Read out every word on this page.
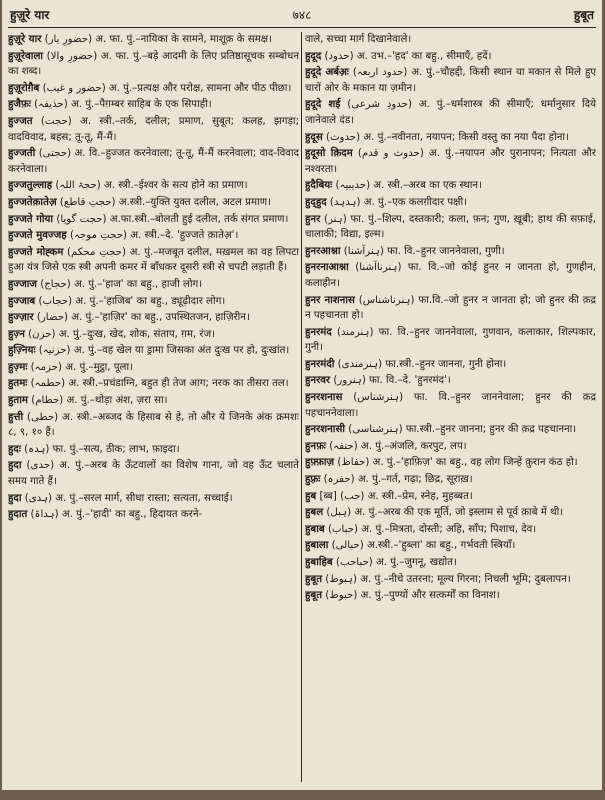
हुज़ूरे यार	७४८	हुबूत
हुज़ूरे यार (حضورِ یار) अ. फा. पुं.–नायिका के सामने, माशूक़ के समक्ष।
हुज़ूरेवाला (حضورِ والا) अ. फा. पुं.–बड़े आदमी के लिए प्रतिष्ठासूचक सम्बोधन का शब्द।
हुज़ूरोग़ैब (حضور و غیب) अ. पुं.–प्रत्यक्ष और परोक्ष, सामना और पीठ पीछा।
हुजैफ़ः (حذیفہ) अ. पुं.–पैग़म्बर साहिब के एक सिपाही।
हुज्जत (حجت) अ. स्त्री.–तर्क, दलील; प्रमाण, सुबूत; कलह, झगड़ा; वादविवाद, बहस; तू-तू, मैं-मैं।
हुज्जती (حجتی) अ. वि.–हुज्जत करनेवाला; तू-तू, मैं-मैं करनेवाला; वाद-विवाद करनेवाला।
हुज्जतुल्लाह (حجۃ اللہ) अ. स्त्री.–ईश्वर के सत्य होने का प्रमाण।
हुज्जतेक़ातेअ़ (حجتِ قاطع) अ.स्त्री.–युक्ति युक्त दलील, अटल प्रमाण।
हुज्जते गोया (حجت گویا) अ.फा.स्त्री.–बोलती हुई दलील, तर्क संगत प्रमाण।
हुज्जते मुवज्जह (حجتِ موجہ) अ. स्त्री.–दे. 'हुज्जते क़ातेअ़'।
हुज्जते मोह्कम (حجتِ محکم) अ. पुं.–मजबूत दलील, मख़मल का वह लिपटा हुआ यंत्र जिसे एक स्त्री अपनी कमर में बाँधकर दूसरी स्त्री से चपटी लड़ाती हैं।
हुज्जाज (حجاج) अ. पुं.–'हाज' का बहु., हाजी लोग।
हुज्जाब (حجاب) अ. पुं.–'हाजिब' का बहु., ड्यूढ़ीदार लोग।
हुज्ज़ार (حضار) अ. पुं.–'हाज़िर' का बहु., उपस्थितजन, हाज़िरीन।
हुज़्न (حزن) अ. पुं.–दुःख, खेद, शोक, संताप, ग़म, रंज।
हुज़्नियः (حزنیہ) अ. पुं.–वह खेल या ड्रामा जिसका अंत दुःख पर हो, दुःखांत।
हुज़्मः (حزمہ) अ. पुं.–मुट्ठा, पूला।
हुतमः (حطمہ) अ. स्त्री.–प्रचंडाग्नि, बहुत ही तेज आग; नरक का तीसरा तल।
हुताम (حطام) अ. पुं.–थोड़ा अंश, ज़रा सा।
हुत्ती (حطی) अ. स्त्री.–अब्जद के हिसाब से हे, तो और ये जिनके अंक क्रमशः ८, ९, १० हैं।
हुदः (ہدہ) फा. पुं.–सत्य, ठीक; लाभ, फ़ाइदा।
हुदा (حدی) अ. पुं.–अरब के ऊँटवालों का विशेष गाना, जो वह ऊँट चलाते समय गाते हैं।
हुदा (ہدی) अ. पुं.–सरल मार्ग, सीधा रास्ता; सत्यता, सच्चाई।
हुदात (ہداۃ) अ. पुं.–'हादी' का बहु., हिदायत करने-
वाले, सच्चा मार्ग दिखानेवाले।
हुदूद (حدود) अ. उभ.–'हद' का बहु., सीमाएँ, हदें।
हुदूदे अर्बअ़ः (حدود اربعہ) अ. पुं.–चौहद्दी, किसी स्थान या मकान से मिले हुए चारों ओर के मकान या ज़मीन।
हुदूदे शर्ई (حدودِ شرعی) अ. पुं.–धर्मशास्त्र की सीमाएँ; धर्मानुसार दिये जानेवाले दंड।
हुदूस (حدوث) अ. पुं.–नवीनता, नयापन; किसी वस्तु का नया पैदा होना।
हुदूसो क़िदम (حدوث و قدم) अ. पुं.–नयापन और पुरानापन; नित्यता और नश्वरता।
हुदैबियः (حدیبیہ) अ. स्त्री.–अरब का एक स्थान।
हुद्हुद (ہدہد) अ. पुं.–एक कलग़ीदार पक्षी।
हुनर (ہنر) फा. पुं.–शिल्प, दस्तकारी; कला, फ़न; गुण, ख़ूबी; हाथ की सफ़ाई, चालाकी; विद्या, इल्म।
हुनरआश्ना (ہنرآشنا) फा. वि.–हुनर जाननेवाला, गुणी।
हुनरनाआश्ना (ہنرناآشنا) फा. वि.–जो कोई हुनर न जानता हो, गुणहीन, कलाहीन।
हुनर नाशनास (ہنرناشناس) फा.वि.–जो हुनर न जानता हो; जो हुनर की क़द्र न पहचानता हो।
हुनरमंद (ہنرمند) फा. वि.–हुनर जाननेवाला, गुणवान, कलाकार, शिल्पकार, गुनी।
हुनरमंदी (ہنرمندی) फा.स्त्री.–हुनर जानना, गुनी होना।
हुनरवर (ہنرور) फा. वि.–दे. 'हुनरमंद'।
हुनरशनास (ہنرشناس) फा. वि.–हुनर जाननेवाला; हुनर की क़द्र पहचाननेवाला।
हुनरशनासी (ہنرشناسی) फा.स्त्री.–हुनर जानना; हुनर की क़द्र पहचानना।
हुनफ़ः (حنفہ) अ. पुं.–अंजलि, करपुट, लप।
हुफ़्फ़ाज़ (حفاظ) अ. पुं.–'हाफ़िज़' का बहु., वह लोग जिन्हें क़ुरान कंठ हो।
हुफ़्रः (حفرہ) अ. पुं.–गर्त, गढ़ा; छिद्र, सूराख़।
हुब [ब्ब] (حب) अ. स्त्री.–प्रेम, स्नेह, मुहब्बत।
हुबल (ہبل) अ. पुं.–अरब की एक मूर्ति, जो इस्लाम से पूर्व क़ाबे में थी।
हुबाब (حباب) अ. पुं.–मित्रता, दोस्ती; अहि, साँप; पिशाच, देव।
हुबाला (حبالی) अ.स्त्री.–'हुब्ला' का बहु., गर्भवती स्त्रियाँ।
हुबाहिब (حباحب) अ. पुं.–जुगनू, खद्योत।
हुबूत (ہبوط) अ. पुं.–नीचे उतरना; मूल्य गिरना; निचली भूमि; दुबलापन।
हुबूत (حبوط) अ. पुं.–पुण्यों और सत्कर्मों का विनाश।
